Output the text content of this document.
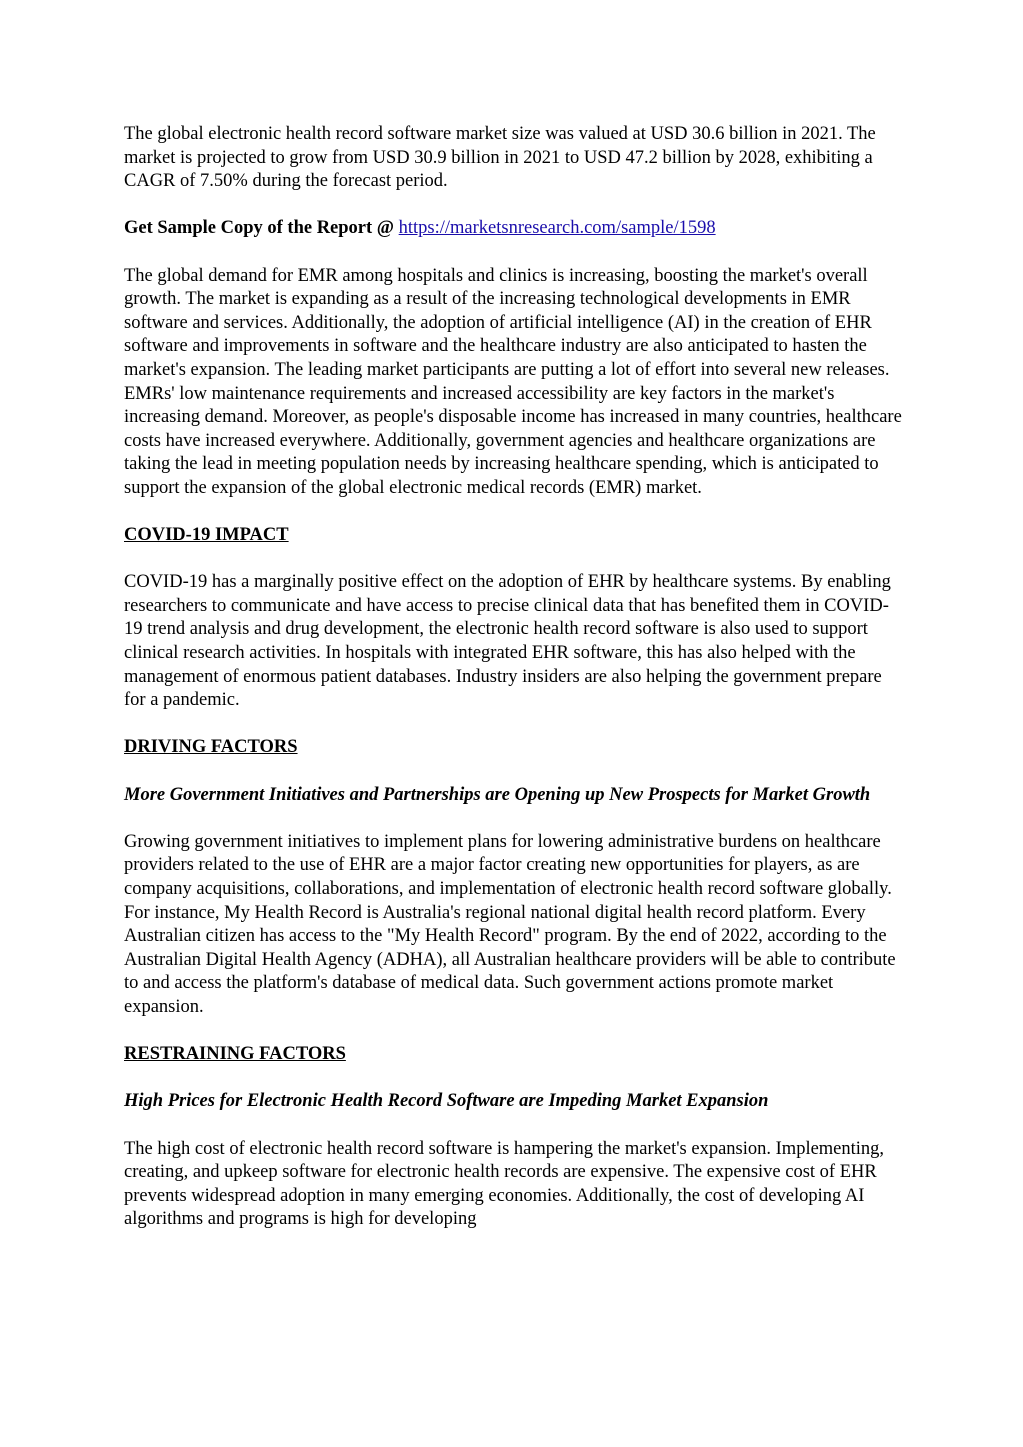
The global electronic health record software market size was valued at USD 30.6 billion in 2021. The market is projected to grow from USD 30.9 billion in 2021 to USD 47.2 billion by 2028, exhibiting a CAGR of 7.50% during the forecast period.

Get Sample Copy of the Report @ https://marketsnresearch.com/sample/1598

The global demand for EMR among hospitals and clinics is increasing, boosting the market's overall growth. The market is expanding as a result of the increasing technological developments in EMR software and services. Additionally, the adoption of artificial intelligence (AI) in the creation of EHR software and improvements in software and the healthcare industry are also anticipated to hasten the market's expansion. The leading market participants are putting a lot of effort into several new releases. EMRs' low maintenance requirements and increased accessibility are key factors in the market's increasing demand. Moreover, as people's disposable income has increased in many countries, healthcare costs have increased everywhere. Additionally, government agencies and healthcare organizations are taking the lead in meeting population needs by increasing healthcare spending, which is anticipated to support the expansion of the global electronic medical records (EMR) market.

COVID-19 IMPACT

COVID-19 has a marginally positive effect on the adoption of EHR by healthcare systems. By enabling researchers to communicate and have access to precise clinical data that has benefited them in COVID-19 trend analysis and drug development, the electronic health record software is also used to support clinical research activities. In hospitals with integrated EHR software, this has also helped with the management of enormous patient databases. Industry insiders are also helping the government prepare for a pandemic.

DRIVING FACTORS

More Government Initiatives and Partnerships are Opening up New Prospects for Market Growth

Growing government initiatives to implement plans for lowering administrative burdens on healthcare providers related to the use of EHR are a major factor creating new opportunities for players, as are company acquisitions, collaborations, and implementation of electronic health record software globally. For instance, My Health Record is Australia's regional national digital health record platform. Every Australian citizen has access to the "My Health Record" program. By the end of 2022, according to the Australian Digital Health Agency (ADHA), all Australian healthcare providers will be able to contribute to and access the platform's database of medical data. Such government actions promote market expansion.

RESTRAINING FACTORS

High Prices for Electronic Health Record Software are Impeding Market Expansion

The high cost of electronic health record software is hampering the market's expansion. Implementing, creating, and upkeep software for electronic health records are expensive. The expensive cost of EHR prevents widespread adoption in many emerging economies. Additionally, the cost of developing AI algorithms and programs is high for developing
